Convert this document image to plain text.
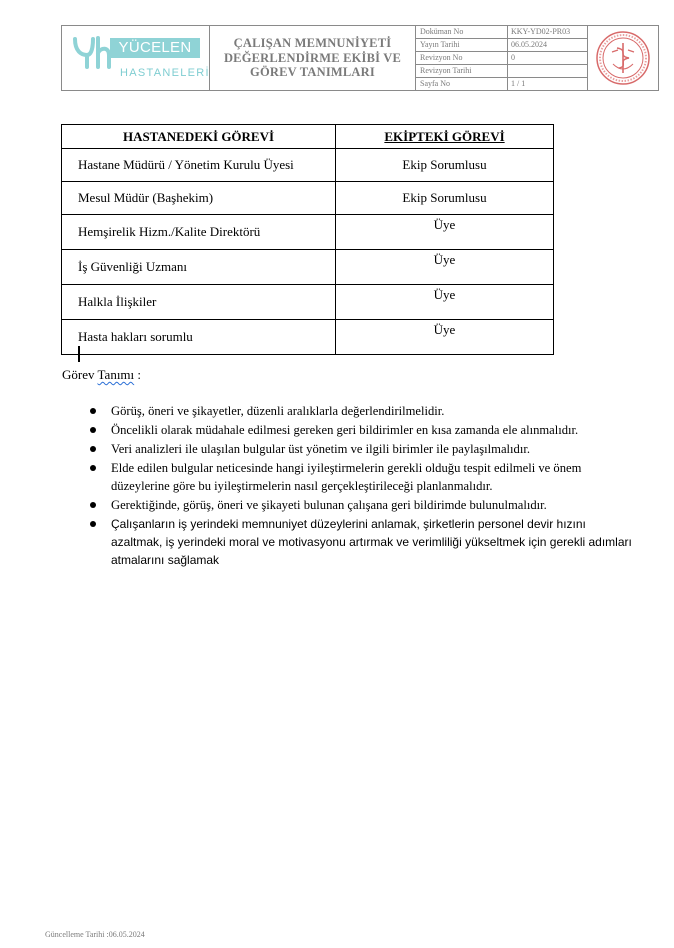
YÜCELEN
HASTANELERİ
ÇALIŞAN MEMNUNİYETİ
DEĞERLENDİRME EKİBİ VE
GÖREV TANIMLARI
Doküman No	KKY-YD02-PR03
Yayın Tarihi	06.05.2024
Revizyon No	0
Revizyon Tarihi
Sayfa No	1 / 1
HASTANEDEKİ GÖREVİ	EKİPTEKİ GÖREVİ
Hastane Müdürü / Yönetim Kurulu Üyesi	Ekip Sorumlusu
Mesul Müdür (Başhekim)	Ekip Sorumlusu
Hemşirelik Hizm./Kalite Direktörü	Üye
İş Güvenliği Uzmanı	Üye
Halkla İlişkiler	Üye
Hasta hakları sorumlu	Üye
Görev Tanımı :
Görüş, öneri ve şikayetler, düzenli aralıklarla değerlendirilmelidir.
Öncelikli olarak müdahale edilmesi gereken geri bildirimler en kısa zamanda ele alınmalıdır.
Veri analizleri ile ulaşılan bulgular üst yönetim ve ilgili birimler ile paylaşılmalıdır.
Elde edilen bulgular neticesinde hangi iyileştirmelerin gerekli olduğu tespit edilmeli ve önem düzeylerine göre bu iyileştirmelerin nasıl gerçekleştirileceği planlanmalıdır.
Gerektiğinde, görüş, öneri ve şikayeti bulunan çalışana geri bildirimde bulunulmalıdır.
Çalışanların iş yerindeki memnuniyet düzeylerini anlamak, şirketlerin personel devir hızını azaltmak, iş yerindeki moral ve motivasyonu artırmak ve verimliliği yükseltmek için gerekli adımları atmalarını sağlamak
Güncelleme Tarihi :06.05.2024
